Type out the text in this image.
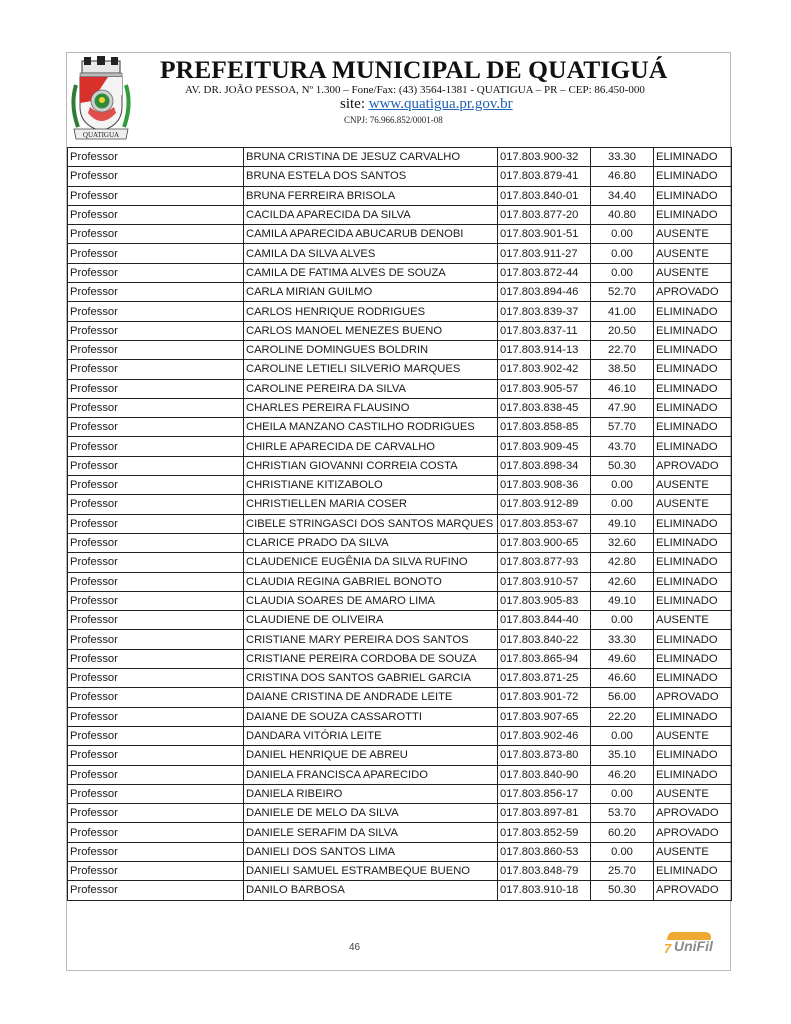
QUATIGUA
PREFEITURA MUNICIPAL DE QUATIGUÁ
AV. DR. JOÃO PESSOA, Nº 1.300 – Fone/Fax: (43) 3564-1381 - QUATIGUA – PR – CEP: 86.450-000
site: www.quatigua.pr.gov.br
CNPJ: 76.966.852/0001-08
Professor	BRUNA CRISTINA DE JESUZ CARVALHO	017.803.900-32	33.30	ELIMINADO
Professor	BRUNA ESTELA DOS SANTOS	017.803.879-41	46.80	ELIMINADO
Professor	BRUNA FERREIRA BRISOLA	017.803.840-01	34.40	ELIMINADO
Professor	CACILDA APARECIDA DA SILVA	017.803.877-20	40.80	ELIMINADO
Professor	CAMILA APARECIDA ABUCARUB DENOBI	017.803.901-51	0.00	AUSENTE
Professor	CAMILA DA SILVA ALVES	017.803.911-27	0.00	AUSENTE
Professor	CAMILA DE FATIMA ALVES DE SOUZA	017.803.872-44	0.00	AUSENTE
Professor	CARLA MIRIAN GUILMO	017.803.894-46	52.70	APROVADO
Professor	CARLOS HENRIQUE RODRIGUES	017.803.839-37	41.00	ELIMINADO
Professor	CARLOS MANOEL MENEZES BUENO	017.803.837-11	20.50	ELIMINADO
Professor	CAROLINE DOMINGUES BOLDRIN	017.803.914-13	22.70	ELIMINADO
Professor	CAROLINE LETIELI SILVERIO MARQUES	017.803.902-42	38.50	ELIMINADO
Professor	CAROLINE PEREIRA DA SILVA	017.803.905-57	46.10	ELIMINADO
Professor	CHARLES PEREIRA FLAUSINO	017.803.838-45	47.90	ELIMINADO
Professor	CHEILA MANZANO CASTILHO RODRIGUES	017.803.858-85	57.70	ELIMINADO
Professor	CHIRLE APARECIDA DE CARVALHO	017.803.909-45	43.70	ELIMINADO
Professor	CHRISTIAN GIOVANNI CORREIA COSTA	017.803.898-34	50.30	APROVADO
Professor	CHRISTIANE KITIZABOLO	017.803.908-36	0.00	AUSENTE
Professor	CHRISTIELLEN MARIA COSER	017.803.912-89	0.00	AUSENTE
Professor	CIBELE STRINGASCI DOS SANTOS MARQUES	017.803.853-67	49.10	ELIMINADO
Professor	CLARICE PRADO DA SILVA	017.803.900-65	32.60	ELIMINADO
Professor	CLAUDENICE EUGÊNIA DA SILVA RUFINO	017.803.877-93	42.80	ELIMINADO
Professor	CLAUDIA REGINA GABRIEL BONOTO	017.803.910-57	42.60	ELIMINADO
Professor	CLAUDIA SOARES DE AMARO LIMA	017.803.905-83	49.10	ELIMINADO
Professor	CLAUDIENE DE OLIVEIRA	017.803.844-40	0.00	AUSENTE
Professor	CRISTIANE MARY PEREIRA DOS SANTOS	017.803.840-22	33.30	ELIMINADO
Professor	CRISTIANE PEREIRA CORDOBA DE SOUZA	017.803.865-94	49.60	ELIMINADO
Professor	CRISTINA DOS SANTOS GABRIEL GARCIA	017.803.871-25	46.60	ELIMINADO
Professor	DAIANE CRISTINA DE ANDRADE LEITE	017.803.901-72	56.00	APROVADO
Professor	DAIANE DE SOUZA CASSAROTTI	017.803.907-65	22.20	ELIMINADO
Professor	DANDARA VITÓRIA LEITE	017.803.902-46	0.00	AUSENTE
Professor	DANIEL HENRIQUE DE ABREU	017.803.873-80	35.10	ELIMINADO
Professor	DANIELA FRANCISCA APARECIDO	017.803.840-90	46.20	ELIMINADO
Professor	DANIELA RIBEIRO	017.803.856-17	0.00	AUSENTE
Professor	DANIELE DE MELO DA SILVA	017.803.897-81	53.70	APROVADO
Professor	DANIELE SERAFIM DA SILVA	017.803.852-59	60.20	APROVADO
Professor	DANIELI DOS SANTOS LIMA	017.803.860-53	0.00	AUSENTE
Professor	DANIELI SAMUEL ESTRAMBEQUE BUENO	017.803.848-79	25.70	ELIMINADO
Professor	DANILO BARBOSA	017.803.910-18	50.30	APROVADO
46	7 UniFil
